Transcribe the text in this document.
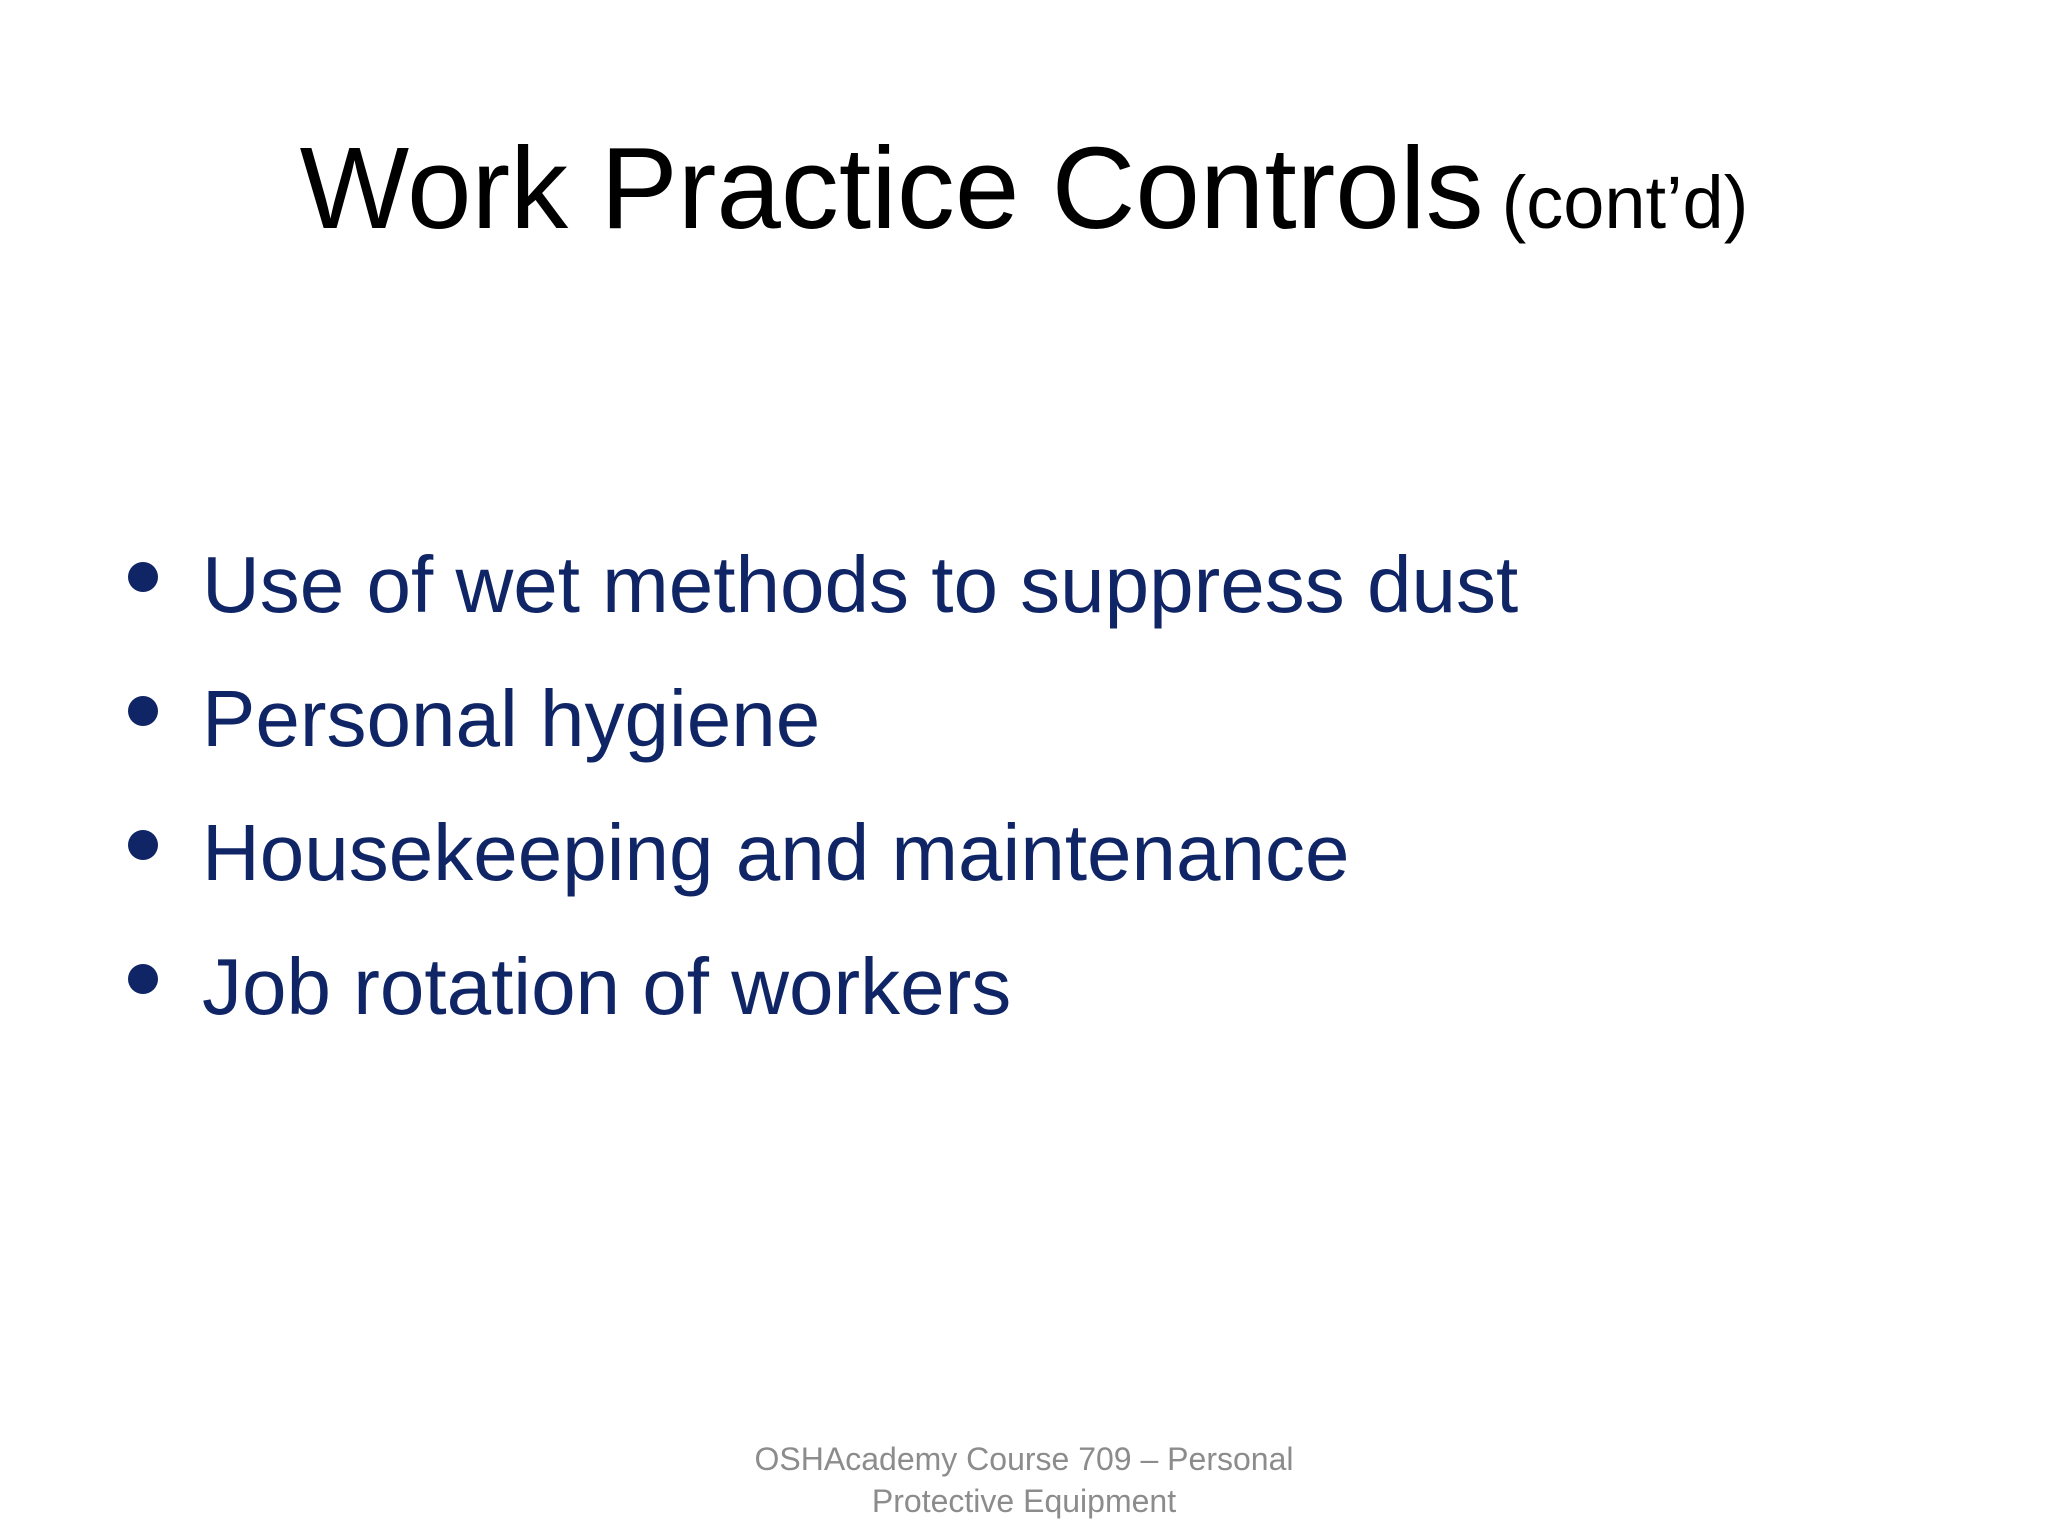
Work Practice Controls (cont’d)
Use of wet methods to suppress dust
Personal hygiene
Housekeeping and maintenance
Job rotation of workers
OSHAcademy Course 709 – Personal
Protective Equipment
